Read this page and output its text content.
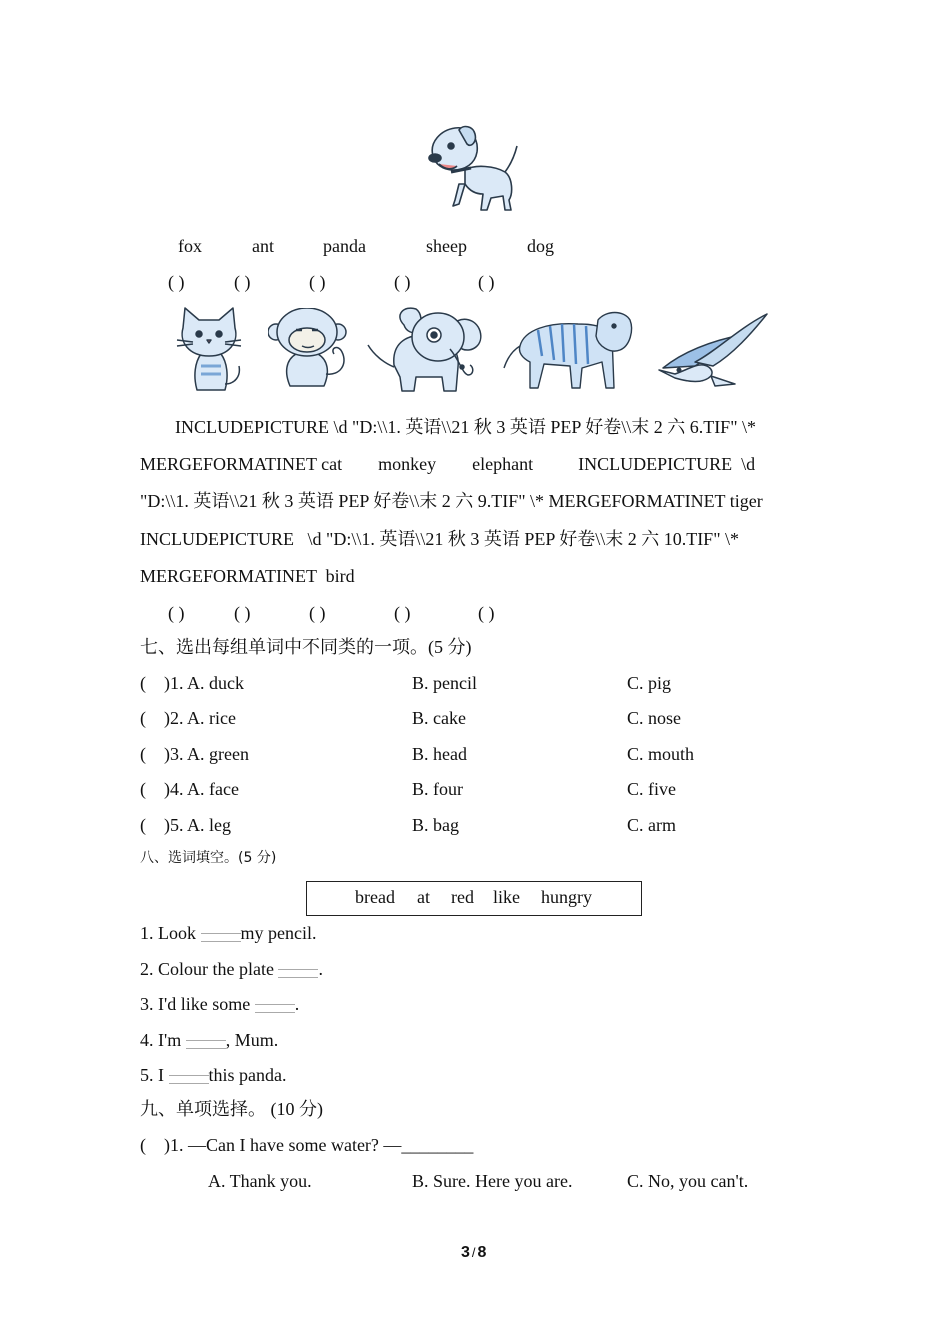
fox	ant	panda	sheep	dog
( )	( )	( )	( )	( )
INCLUDEPICTURE \d "D:\\1. 英语\\21 秋 3 英语 PEP 好卷\\末 2 六 6.TIF" \*
MERGEFORMATINET cat        monkey        elephant          INCLUDEPICTURE  \d
"D:\\1. 英语\\21 秋 3 英语 PEP 好卷\\末 2 六 9.TIF" \* MERGEFORMATINET tiger
INCLUDEPICTURE   \d "D:\\1. 英语\\21 秋 3 英语 PEP 好卷\\末 2 六 10.TIF" \*
MERGEFORMATINET  bird
( )	( )	( )	( )	( )
七、选出每组单词中不同类的一项。(5 分)
(    )1. A. duck	B. pencil	C. pig
(    )2. A. rice	B. cake	C. nose
(    )3. A. green	B. head	C. mouth
(    )4. A. face	B. four	C. five
(    )5. A. leg	B. bag	C. arm
八、选词填空。(5 分)
bread at red like hungry
1. Look
my pencil.
2. Colour the plate
.
3. I'd like some
.
4. I'm
, Mum.
5. I
this panda.
九、单项选择。 (10 分)
(    )1. —Can I have some water? —________
A. Thank you.	B. Sure. Here you are.	C. No, you can't.
3 / 8
